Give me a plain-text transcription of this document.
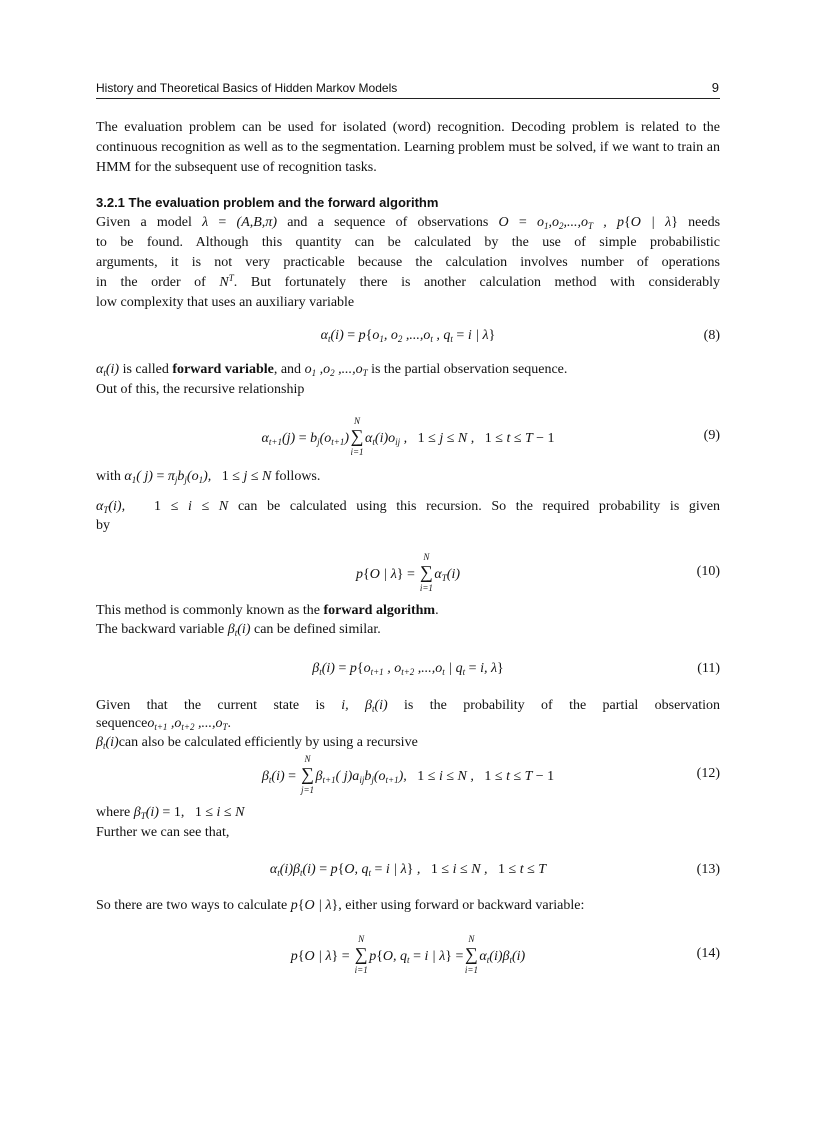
History and Theoretical Basics of Hidden Markov Models	9
The evaluation problem can be used for isolated (word) recognition. Decoding problem is related to the continuous recognition as well as to the segmentation. Learning problem must be solved, if we want to train an HMM for the subsequent use of recognition tasks.
3.2.1 The evaluation problem and the forward algorithm
Given a model λ = (A,B,π) and a sequence of observations $O = o_1,o_2,...,o_T$ , p{O | λ} needs
to be found. Although this quantity can be calculated by the use of simple probabilistic
arguments, it is not very practicable because the calculation involves number of operations
in the order of $N^T$. But fortunately there is another calculation method with considerably
low complexity that uses an auxiliary variable
$\alpha_t(i) = p\{o_1$, $o_2$ $,...,o_t$ , $q_t = i$ | λ}	(8)
$\alpha_t(i)$ is called forward variable, and $o_1$ $,o_2$ $,...,o_T$ is the partial observation sequence.
Out of this, the recursive relationship
$\alpha_{t+1}(j) = b_j(o_{t+1})$
N
∑
i=1
$\alpha_t(i)o_{ij}$ ,   1 ≤ j ≤ N ,   1 ≤ t ≤ T − 1	(9)
with $\alpha_1$( $j) = \pi_jb_j(o_1)$,   1 ≤ j ≤ N follows.
$\alpha_T(i)$,   1 ≤ i ≤ N can be calculated using this recursion. So the required probability is given
by
p{O | λ} =
N
∑
i=1
$\alpha_T(i)$	(10)
This method is commonly known as the forward algorithm.
The backward variable $\beta_t(i)$ can be defined similar.
$\beta_t(i) = p\{o_{t+1}$ , $o_{t+2}$ $,...,o_t$ | $q_t = i$, λ}	(11)
Given that the current state is i, $\beta_t(i)$ is the probability of the partial observation
sequenceo$_{t+1}$ $,o_{t+2}$ $,...,o_T$.
$\beta_t(i)can$ also be calculated efficiently by using a recursive
$\beta_t(i)$ =
N
∑
j=1
$\beta_{t+1}$( $j)a_{ij}b_j(o_{t+1})$,   1 ≤ i ≤ N ,   1 ≤ t ≤ T − 1	(12)
where $\beta_T(i) = 1$, 1 ≤ i ≤ N
Further we can see that,
$\alpha_t(i)\beta_t(i) = p\{O$, $q_t = i$ | λ} ,   1 ≤ i ≤ N ,   1 ≤ t ≤ T	(13)
So there are two ways to calculate p{O | λ}, either using forward or backward variable:
p{O | λ} =
N
∑
i=1
p{O, $q_t = i$ | λ} =
N
∑
i=1
$\alpha_t(i)\beta_t(i)$	(14)
